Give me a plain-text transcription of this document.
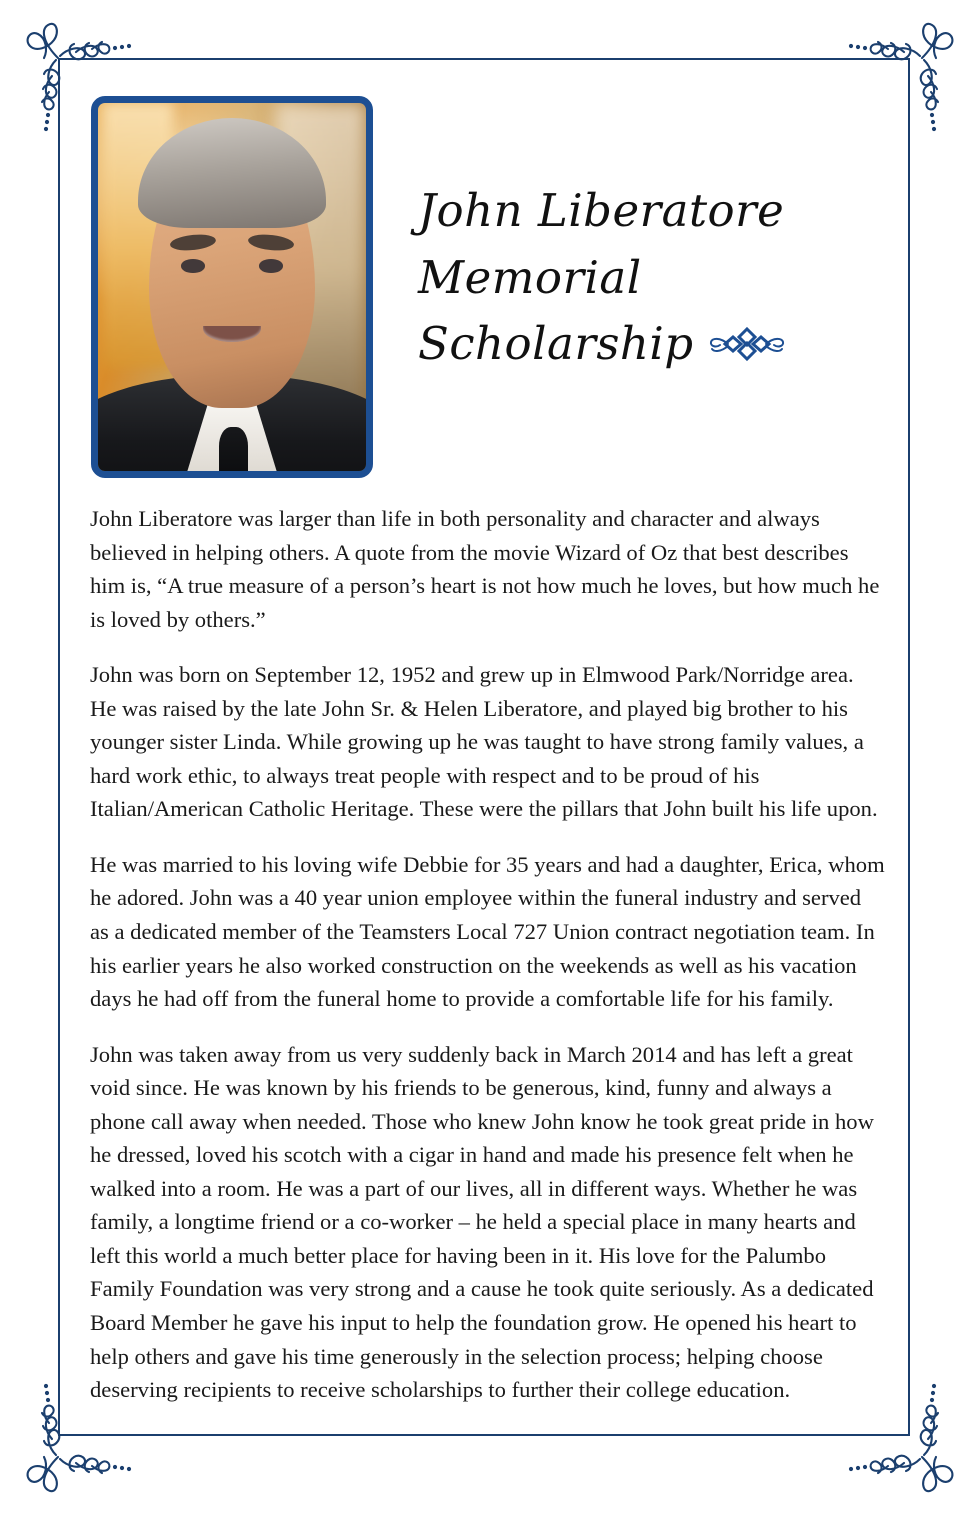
John Liberatore
Memorial
Scholarship

John Liberatore was larger than life in both personality and character and always believed in helping others. A quote from the movie Wizard of Oz that best describes him is, “A true measure of a person’s heart is not how much he loves, but how much he is loved by others.”

John was born on September 12, 1952 and grew up in Elmwood Park/Norridge area. He was raised by the late John Sr. & Helen Liberatore, and played big brother to his younger sister Linda. While growing up he was taught to have strong family values, a hard work ethic, to always treat people with respect and to be proud of his Italian/American Catholic Heritage. These were the pillars that John built his life upon.

He was married to his loving wife Debbie for 35 years and had a daughter, Erica, whom he adored. John was a 40 year union employee within the funeral industry and served as a dedicated member of the Teamsters Local 727 Union contract negotiation team. In his earlier years he also worked construction on the weekends as well as his vacation days he had off from the funeral home to provide a comfortable life for his family.

John was taken away from us very suddenly back in March 2014 and has left a great void since. He was known by his friends to be generous, kind, funny and always a phone call away when needed. Those who knew John know he took great pride in how he dressed, loved his scotch with a cigar in hand and made his presence felt when he walked into a room. He was a part of our lives, all in different ways. Whether he was family, a longtime friend or a co-worker – he held a special place in many hearts and left this world a much better place for having been in it. His love for the Palumbo Family Foundation was very strong and a cause he took quite seriously. As a dedicated Board Member he gave his input to help the foundation grow. He opened his heart to help others and gave his time generously in the selection process; helping choose deserving recipients to receive scholarships to further their college education.
